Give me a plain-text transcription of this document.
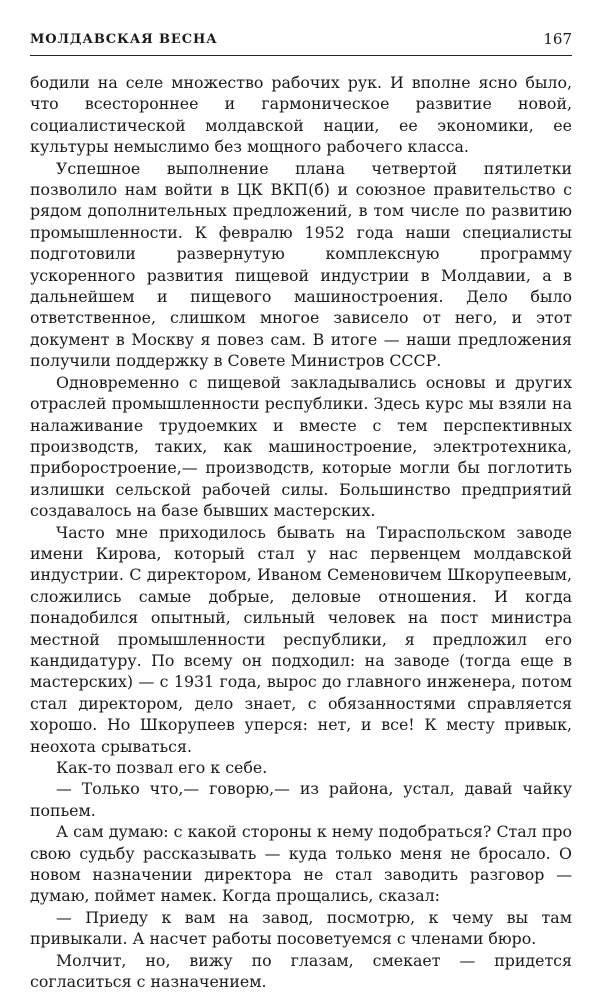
МОЛДАВСКАЯ ВЕСНА	167

бодили на селе множество рабочих рук. И вполне ясно было, что всестороннее и гармоническое развитие новой, социалистической молдавской нации, ее экономики, ее культуры немыслимо без мощного рабочего класса.

Успешное выполнение плана четвертой пятилетки позволило нам войти в ЦК ВКП(б) и союзное правительство с рядом дополнительных предложений, в том числе по развитию промышленности. К февралю 1952 года наши специалисты подготовили развернутую комплексную программу ускоренного развития пищевой индустрии в Молдавии, а в дальнейшем и пищевого машиностроения. Дело было ответственное, слишком многое зависело от него, и этот документ в Москву я повез сам. В итоге — наши предложения получили поддержку в Совете Министров СССР.

Одновременно с пищевой закладывались основы и других отраслей промышленности республики. Здесь курс мы взяли на налаживание трудоемких и вместе с тем перспективных производств, таких, как машиностроение, электротехника, приборостроение,— производств, которые могли бы поглотить излишки сельской рабочей силы. Большинство предприятий создавалось на базе бывших мастерских.

Часто мне приходилось бывать на Тираспольском заводе имени Кирова, который стал у нас первенцем молдавской индустрии. С директором, Иваном Семеновичем Шкорупеевым, сложились самые добрые, деловые отношения. И когда понадобился опытный, сильный человек на пост министра местной промышленности республики, я предложил его кандидатуру. По всему он подходил: на заводе (тогда еще в мастерских) — с 1931 года, вырос до главного инженера, потом стал директором, дело знает, с обязанностями справляется хорошо. Но Шкорупеев уперся: нет, и все! К месту привык, неохота срываться.

Как-то позвал его к себе.

— Только что,— говорю,— из района, устал, давай чайку попьем.

А сам думаю: с какой стороны к нему подобраться? Стал про свою судьбу рассказывать — куда только меня не бросало. О новом назначении директора не стал заводить разговор — думаю, поймет намек. Когда прощались, сказал:

— Приеду к вам на завод, посмотрю, к чему вы там привыкали. А насчет работы посоветуемся с членами бюро.

Молчит, но, вижу по глазам, смекает — придется согласиться с назначением.
